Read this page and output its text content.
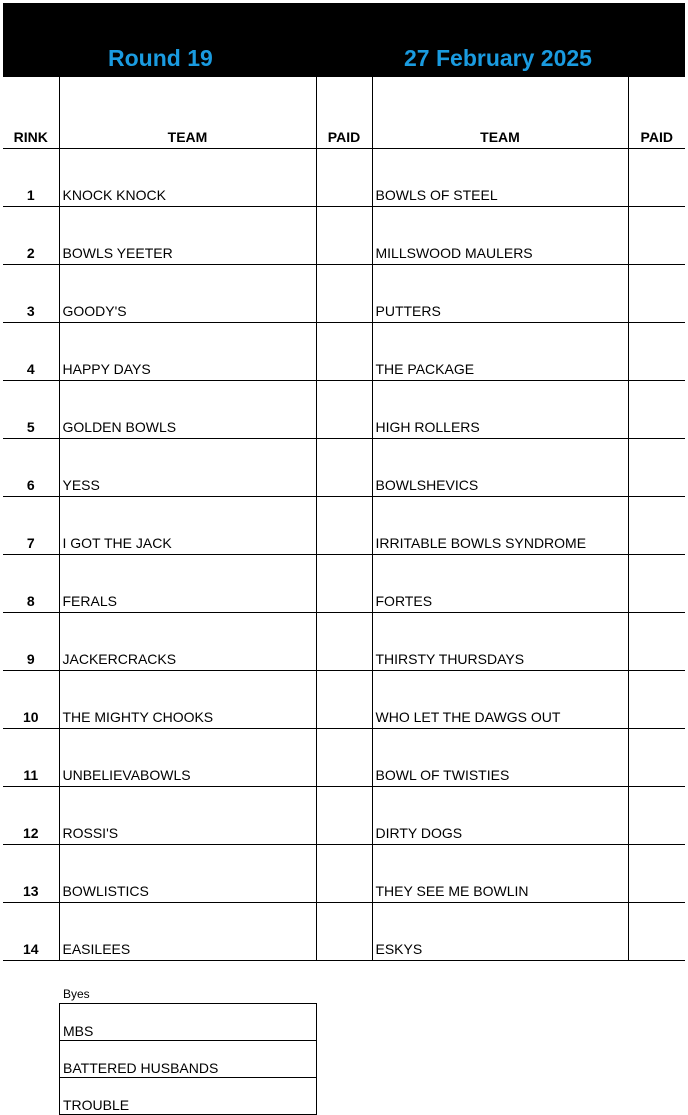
Round 19	27 February 2025
RINK	TEAM	PAID	TEAM	PAID
1	KNOCK KNOCK		BOWLS OF STEEL	
2	BOWLS YEETER		MILLSWOOD MAULERS	
3	GOODY'S		PUTTERS	
4	HAPPY DAYS		THE PACKAGE	
5	GOLDEN BOWLS		HIGH ROLLERS	
6	YESS		BOWLSHEVICS	
7	I GOT THE JACK		IRRITABLE BOWLS SYNDROME	
8	FERALS		FORTES	
9	JACKERCRACKS		THIRSTY THURSDAYS	
10	THE MIGHTY CHOOKS		WHO LET THE DAWGS OUT	
11	UNBELIEVABOWLS		BOWL OF TWISTIES	
12	ROSSI'S		DIRTY DOGS	
13	BOWLISTICS		THEY SEE ME BOWLIN	
14	EASILEES		ESKYS	
Byes
MBS
BATTERED HUSBANDS
TROUBLE
